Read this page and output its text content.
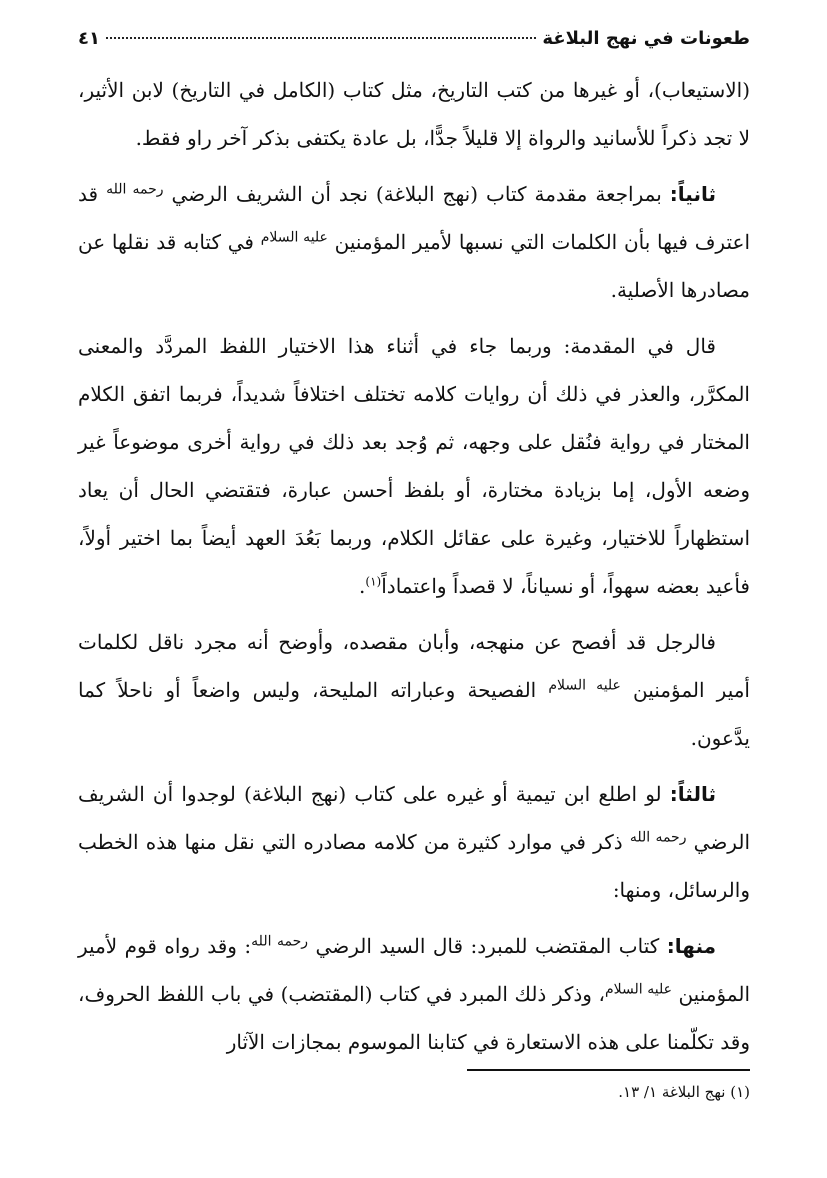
طعونات في نهج البلاغة
٤١

(الاستيعاب)، أو غيرها من كتب التاريخ، مثل كتاب (الكامل في التاريخ) لابن الأثير، لا تجد ذكراً للأسانيد والرواة إلا قليلاً جدًّا، بل عادة يكتفى بذكر آخر راو فقط.

ثانياً: بمراجعة مقدمة كتاب (نهج البلاغة) نجد أن الشريف الرضي $^{رحمه الله}$ قد اعترف فيها بأن الكلمات التي نسبها لأمير المؤمنين $^{عليه السلام}$ في كتابه قد نقلها عن مصادرها الأصلية.

قال في المقدمة: وربما جاء في أثناء هذا الاختيار اللفظ المردَّد والمعنى المكرَّر، والعذر في ذلك أن روايات كلامه تختلف اختلافاً شديداً، فربما اتفق الكلام المختار في رواية فنُقل على وجهه، ثم وُجد بعد ذلك في رواية أخرى موضوعاً غير وضعه الأول، إما بزيادة مختارة، أو بلفظ أحسن عبارة، فتقتضي الحال أن يعاد استظهاراً للاختيار، وغيرة على عقائل الكلام، وربما بَعُدَ العهد أيضاً بما اختير أولاً، فأعيد بعضه سهواً، أو نسياناً، لا قصداً واعتماداً$^{(١)}$.

فالرجل قد أفصح عن منهجه، وأبان مقصده، وأوضح أنه مجرد ناقل لكلمات أمير المؤمنين $^{عليه السلام}$ الفصيحة وعباراته المليحة، وليس واضعاً أو ناحلاً كما يدَّعون.

ثالثاً: لو اطلع ابن تيمية أو غيره على كتاب (نهج البلاغة) لوجدوا أن الشريف الرضي $^{رحمه الله}$ ذكر في موارد كثيرة من كلامه مصادره التي نقل منها هذه الخطب والرسائل، ومنها:

منها: كتاب المقتضب للمبرد: قال السيد الرضي $^{رحمه الله}$: وقد رواه قوم لأمير المؤمنين $^{عليه السلام}$، وذكر ذلك المبرد في كتاب (المقتضب) في باب اللفظ الحروف، وقد تكلّمنا على هذه الاستعارة في كتابنا الموسوم بمجازات الآثار

(١) نهج البلاغة ١/ ١٣.
